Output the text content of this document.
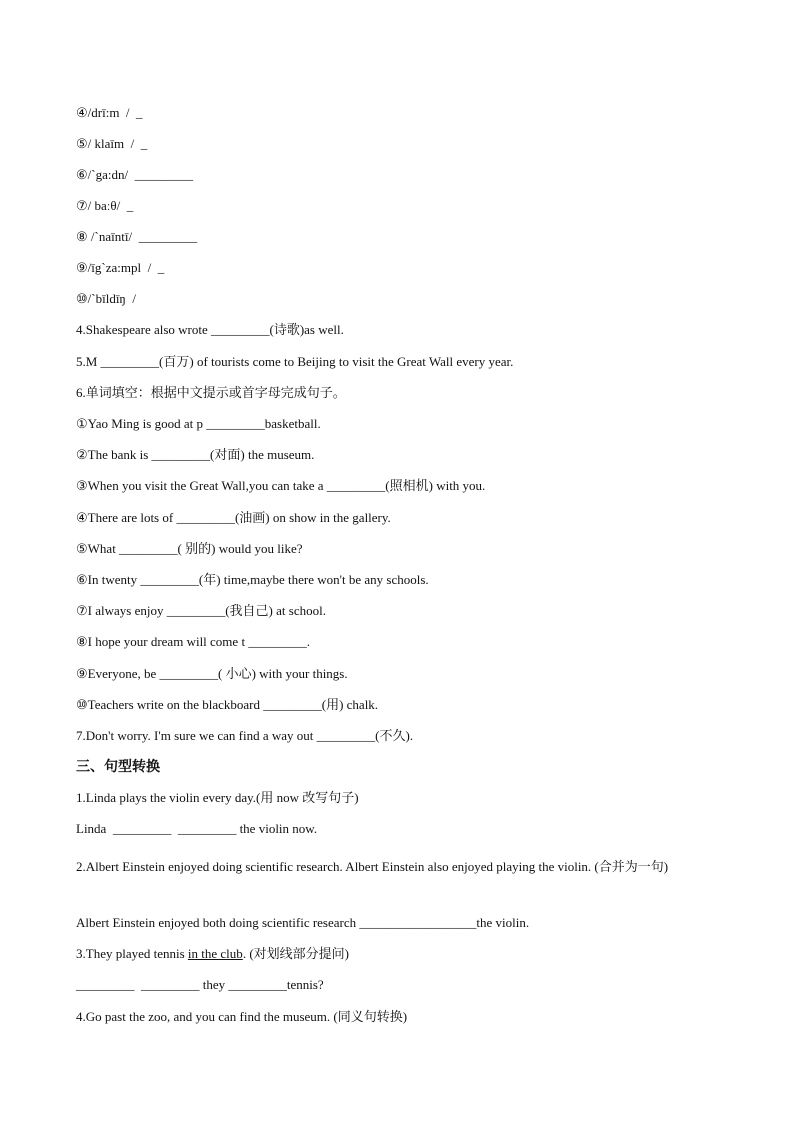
④/drī:m  /  _
⑤/ klaīm  /  _
⑥/ˋga:dn/  _________
⑦/ baːθ/  _
⑧ /ˋnaīntī/  _________
⑨/īgˋza:mpl  /  _
⑩/ˋbīldīŋ  /
4.Shakespeare also wrote _________(诗歌)as well.
5.M _________(百万) of tourists come to Beijing to visit the Great Wall every year.
6.单词填空：根据中文提示或首字母完成句子。
①Yao Ming is good at p _________basketball.
②The bank is _________(对面) the museum.
③When you visit the Great Wall,you can take a _________(照相机) with you.
④There are lots of _________(油画) on show in the gallery.
⑤What _________( 别的) would you like?
⑥In twenty _________(年) time,maybe there won't be any schools.
⑦I always enjoy _________(我自己) at school.
⑧I hope your dream will come t _________.
⑨Everyone, be _________( 小心) with your things.
⑩Teachers write on the blackboard _________(用) chalk.
7.Don't worry. I'm sure we can find a way out _________(不久).
三、句型转换
1.Linda plays the violin every day.(用 now 改写句子)
Linda  _________  _________ the violin now.
2.Albert Einstein enjoyed doing scientific research. Albert Einstein also enjoyed playing the violin. (合并为一句)
Albert Einstein enjoyed both doing scientific research __________________the violin.
3.They played tennis in the club. (对划线部分提问)
_________  _________ they _________tennis?
4.Go past the zoo, and you can find the museum. (同义句转换)
